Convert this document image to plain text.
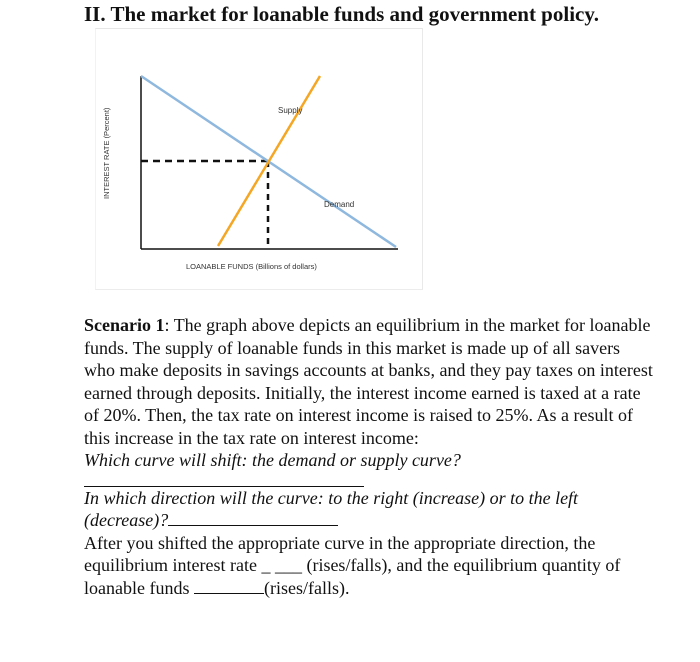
II. The market for loanable funds and government policy.
Supply
Demand
LOANABLE FUNDS (Billions of dollars)
INTEREST RATE (Percent)

Scenario 1: The graph above depicts an equilibrium in the market for loanable funds. The supply of loanable funds in this market is made up of all savers who make deposits in savings accounts at banks, and they pay taxes on interest earned through deposits. Initially, the interest income earned is taxed at a rate of 20%. Then, the tax rate on interest income is raised to 25%. As a result of this increase in the tax rate on interest income:

Which curve will shift: the demand or supply curve?

In which direction will the curve: to the right (increase) or to the left (decrease)?

After you shifted the appropriate curve in the appropriate direction, the equilibrium interest rate _ ___ (rises/falls), and the equilibrium quantity of loanable funds	(rises/falls).
